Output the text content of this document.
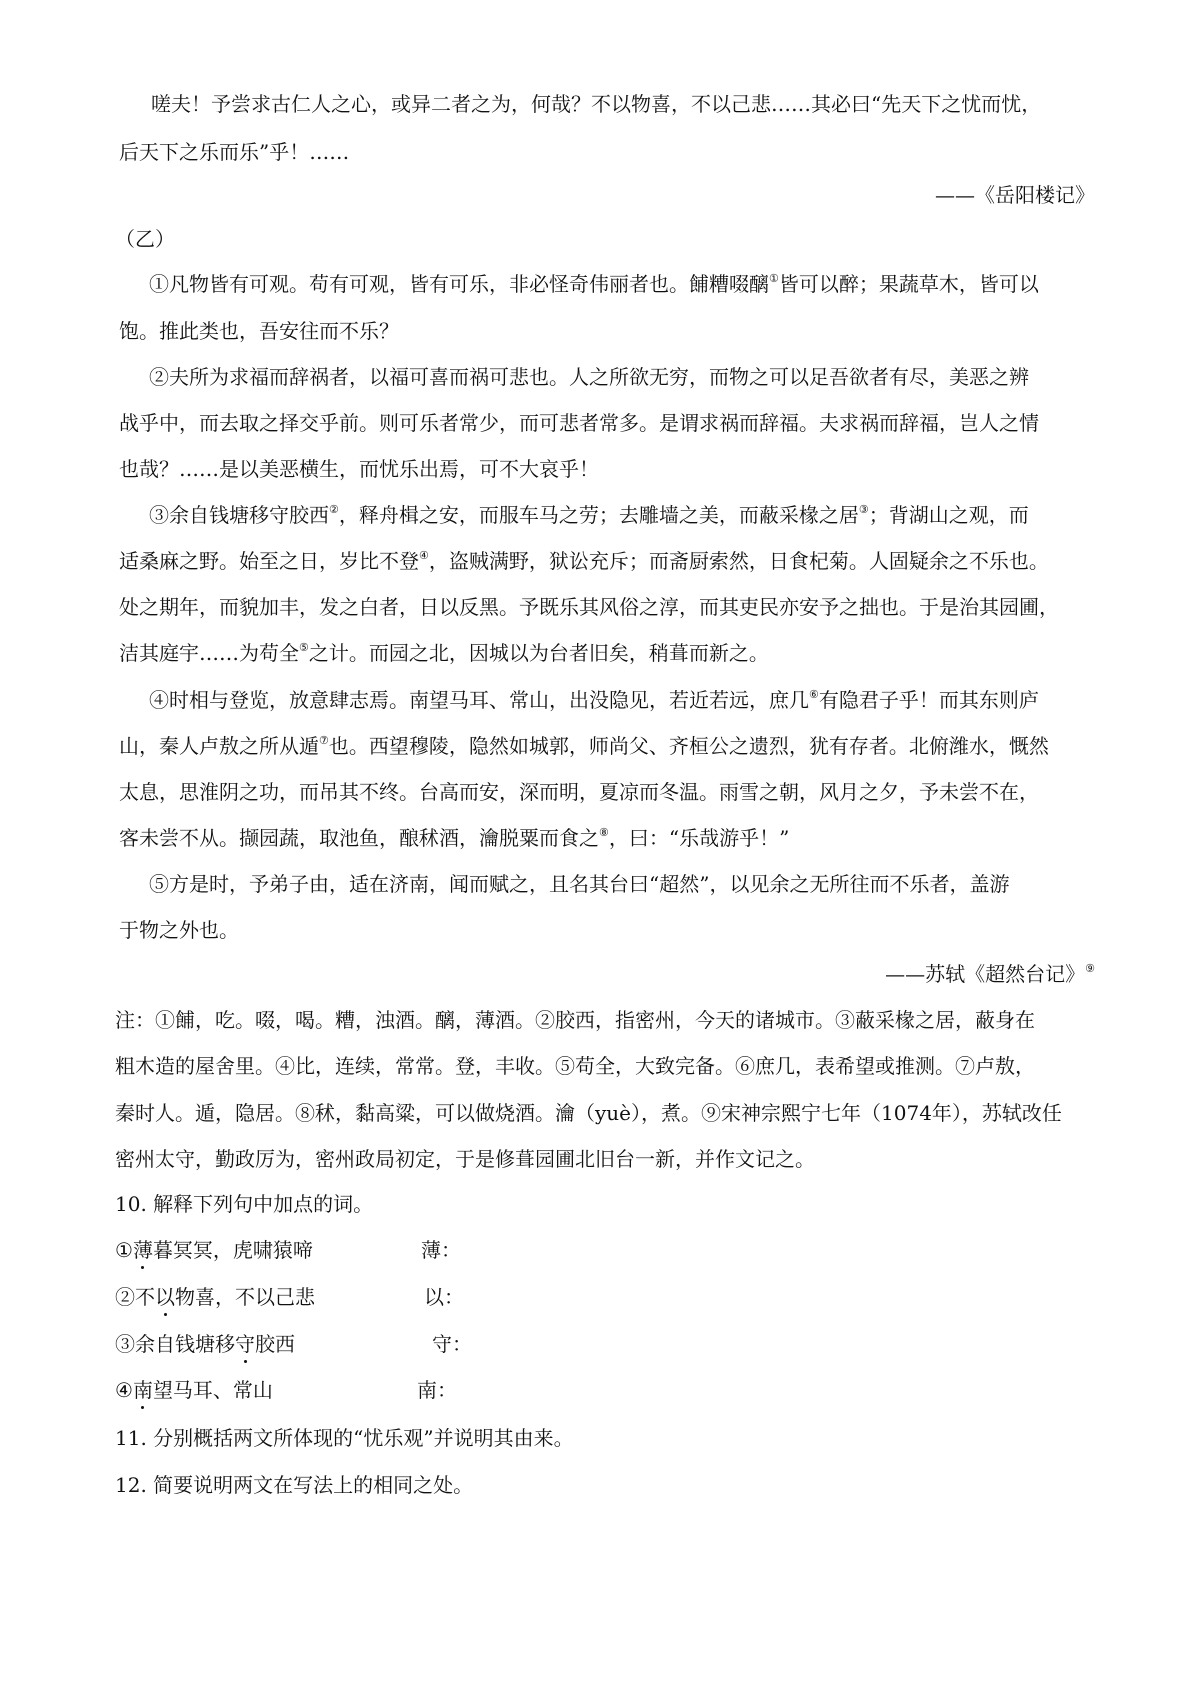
嗟夫！予尝求古仁人之心，或异二者之为，何哉？不以物喜，不以己悲……其必曰“先天下之忧而忧，
后天下之乐而乐”乎！……
——《岳阳楼记》
（乙）
①凡物皆有可观。苟有可观，皆有可乐，非必怪奇伟丽者也。餔糟啜醨①皆可以醉；果蔬草木，皆可以
饱。推此类也，吾安往而不乐？
②夫所为求福而辞祸者，以福可喜而祸可悲也。人之所欲无穷，而物之可以足吾欲者有尽，美恶之辨
战乎中，而去取之择交乎前。则可乐者常少，而可悲者常多。是谓求祸而辞福。夫求祸而辞福，岂人之情
也哉？……是以美恶横生，而忧乐出焉，可不大哀乎！
③余自钱塘移守胶西②，释舟楫之安，而服车马之劳；去雕墙之美，而蔽采椽之居③；背湖山之观，而
适桑麻之野。始至之日，岁比不登④，盗贼满野，狱讼充斥；而斋厨索然，日食杞菊。人固疑余之不乐也。
处之期年，而貌加丰，发之白者，日以反黑。予既乐其风俗之淳，而其吏民亦安予之拙也。于是治其园圃，
洁其庭宇……为苟全⑤之计。而园之北，因城以为台者旧矣，稍葺而新之。
④时相与登览，放意肆志焉。南望马耳、常山，出没隐见，若近若远，庶几⑥有隐君子乎！而其东则庐
山，秦人卢敖之所从遁⑦也。西望穆陵，隐然如城郭，师尚父、齐桓公之遗烈，犹有存者。北俯潍水，慨然
太息，思淮阴之功，而吊其不终。台高而安，深而明，夏凉而冬温。雨雪之朝，风月之夕，予未尝不在，
客未尝不从。撷园蔬，取池鱼，酿秫酒，瀹脱粟而食之⑧，曰：“乐哉游乎！”
⑤方是时，予弟子由，适在济南，闻而赋之，且名其台曰“超然”，以见余之无所往而不乐者，盖游
于物之外也。
——苏轼《超然台记》⑨
注：①餔，吃。啜，喝。糟，浊酒。醨，薄酒。②胶西，指密州，今天的诸城市。③蔽采椽之居，蔽身在
粗木造的屋舍里。④比，连续，常常。登，丰收。⑤苟全，大致完备。⑥庶几，表希望或推测。⑦卢敖，
秦时人。遁，隐居。⑧秫，黏高粱，可以做烧酒。瀹（yuè），煮。⑨宋神宗熙宁七年（1074年），苏轼改任
密州太守，勤政厉为，密州政局初定，于是修葺园圃北旧台一新，并作文记之。
10. 解释下列句中加点的词。
①薄暮冥冥，虎啸猿啼	薄：
②不以物喜，不以己悲	以：
③余自钱塘移守胶西	守：
④南望马耳、常山	南：
11. 分别概括两文所体现的“忧乐观”并说明其由来。
12. 简要说明两文在写法上的相同之处。
